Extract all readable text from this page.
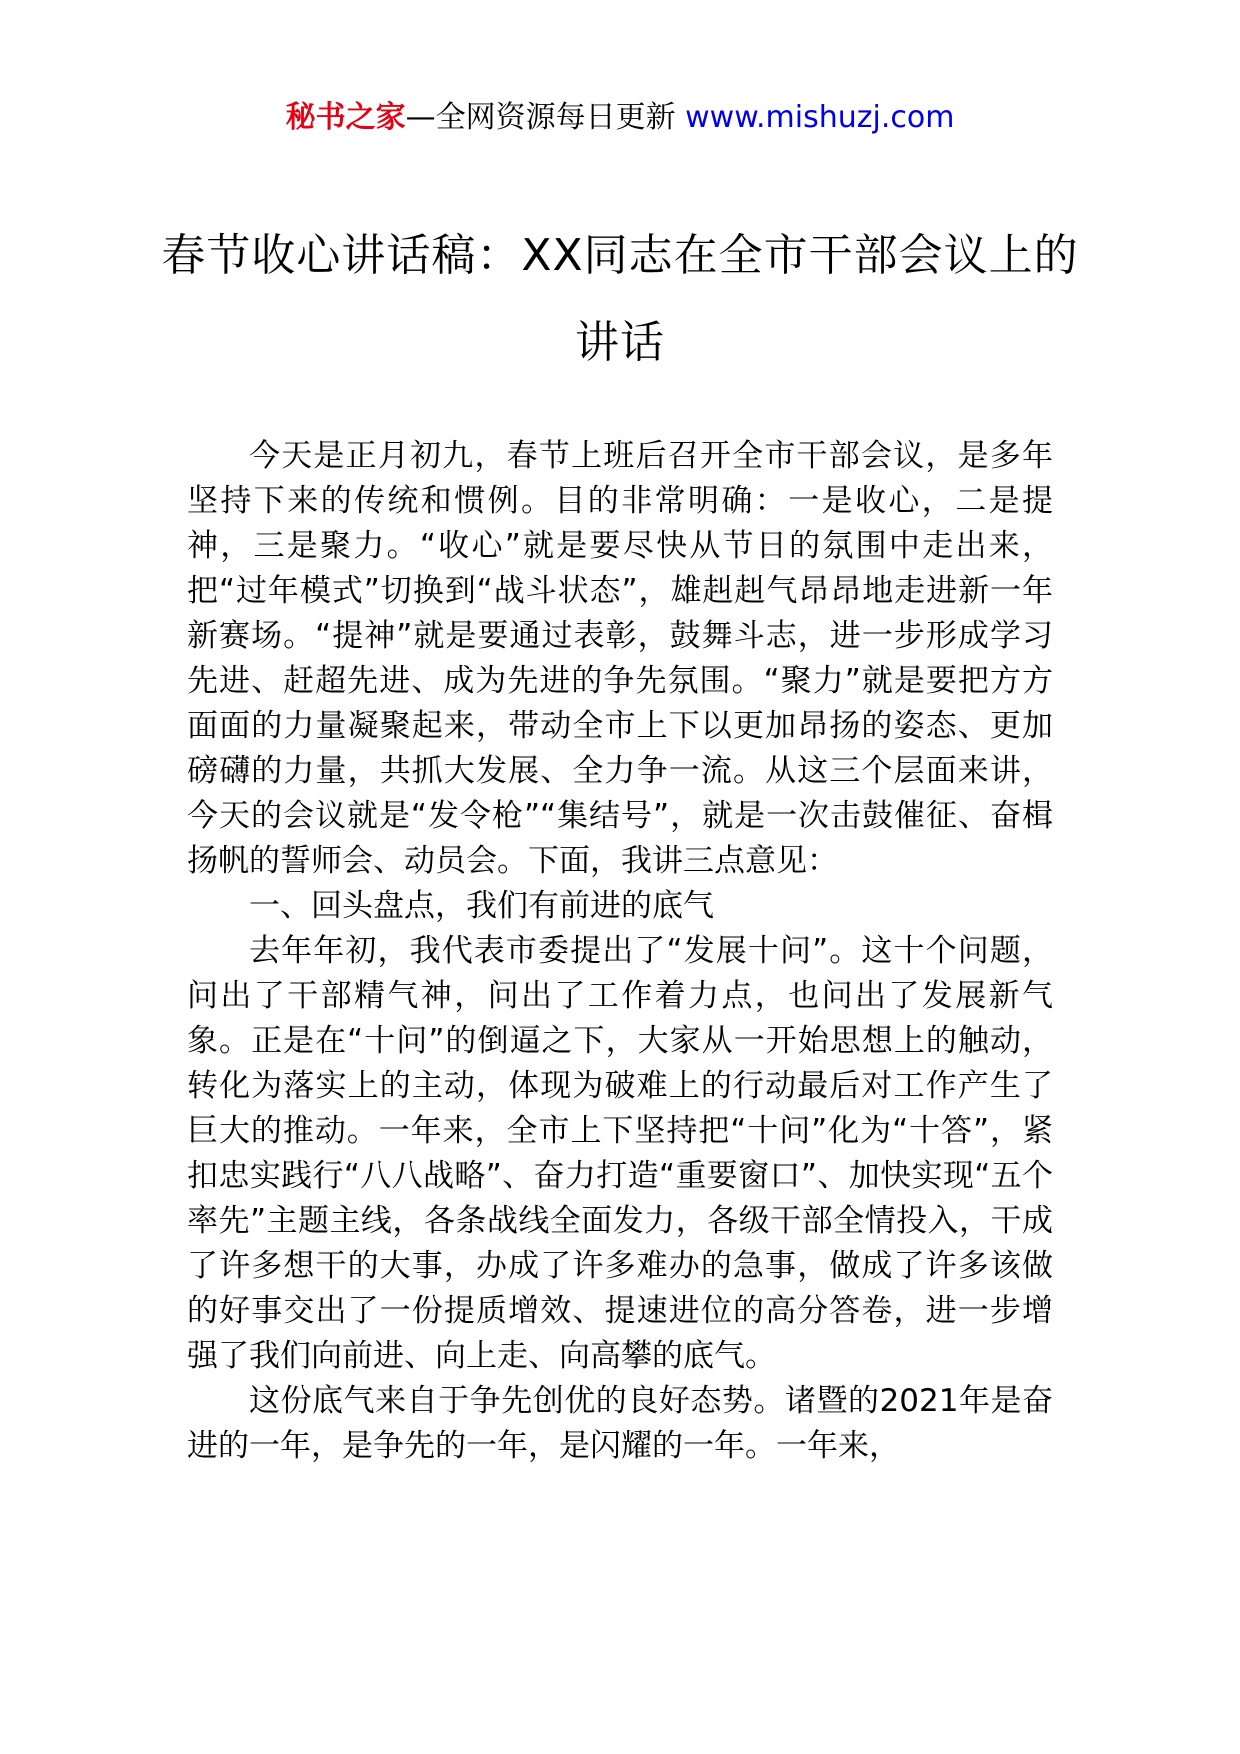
秘书之家—全网资源每日更新 www.mishuzj.com
春节收心讲话稿：XX同志在全市干部会议上的讲话

今天是正月初九，春节上班后召开全市干部会议，是多年坚持下来的传统和惯例。目的非常明确：一是收心，二是提神，三是聚力。“收心”就是要尽快从节日的氛围中走出来，把“过年模式”切换到“战斗状态”，雄赳赳气昂昂地走进新一年新赛场。“提神”就是要通过表彰，鼓舞斗志，进一步形成学习先进、赶超先进、成为先进的争先氛围。“聚力”就是要把方方面面的力量凝聚起来，带动全市上下以更加昂扬的姿态、更加磅礴的力量，共抓大发展、全力争一流。从这三个层面来讲，今天的会议就是“发令枪”“集结号”，就是一次击鼓催征、奋楫扬帆的誓师会、动员会。下面，我讲三点意见：

一、回头盘点，我们有前进的底气

去年年初，我代表市委提出了“发展十问”。这十个问题，问出了干部精气神，问出了工作着力点，也问出了发展新气象。正是在“十问”的倒逼之下，大家从一开始思想上的触动，转化为落实上的主动，体现为破难上的行动最后对工作产生了巨大的推动。一年来，全市上下坚持把“十问”化为“十答”，紧扣忠实践行“八八战略”、奋力打造“重要窗口”、加快实现“五个率先”主题主线，各条战线全面发力，各级干部全情投入，干成了许多想干的大事，办成了许多难办的急事，做成了许多该做的好事交出了一份提质增效、提速进位的高分答卷，进一步增强了我们向前进、向上走、向高攀的底气。

这份底气来自于争先创优的良好态势。诸暨的2021年是奋进的一年，是争先的一年，是闪耀的一年。一年来，
